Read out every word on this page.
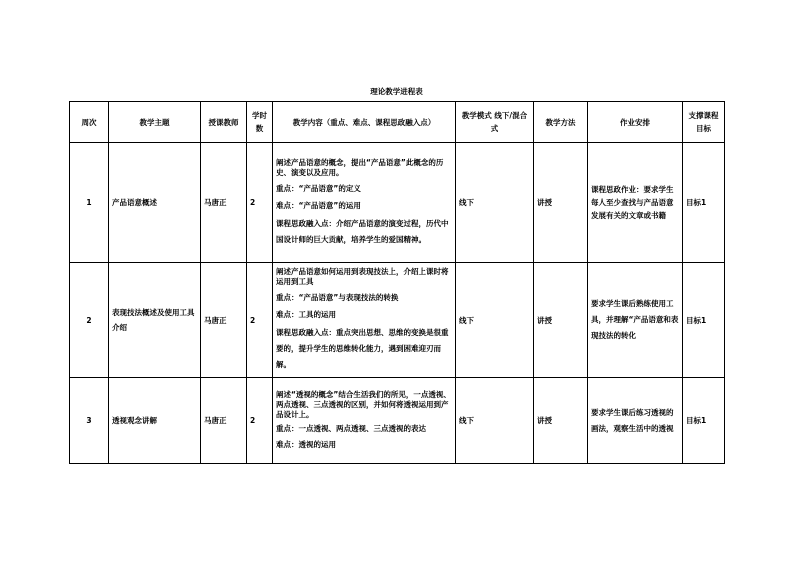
理论教学进程表
周次	教学主题	授课教师	学时数	教学内容（重点、难点、课程思政融入点）	教学模式 线下/混合式	教学方法	作业安排	支撑课程目标
1	产品语意概述	马唐正	2	阐述产品语意的概念，提出“产品语意”此概念的历史、演变以及应用。

重点：“产品语意”的定义

难点：“产品语意”的运用

课程思政融入点：介绍产品语意的演变过程，历代中国设计师的巨大贡献，培养学生的爱国精神。	线下	讲授	课程思政作业：要求学生每人至少查找与产品语意发展有关的文章或书籍	目标1
2	表现技法概述及使用工具介绍	马唐正	2	阐述产品语意如何运用到表现技法上，介绍上课时将运用到工具

重点：“产品语意”与表现技法的转换

难点：工具的运用

课程思政融入点：重点突出思想、思维的变换是很重要的，提升学生的思维转化能力，遇到困难迎刃而解。	线下	讲授	要求学生课后熟练使用工具，并理解“产品语意和表现技法的转化	目标1
3	透视观念讲解	马唐正	2	阐述“透视的概念”结合生活我们的所见，一点透视、两点透视、三点透视的区别，并如何将透视运用到产品设计上。

重点：一点透视、两点透视、三点透视的表达

难点：透视的运用	线下	讲授	要求学生课后练习透视的画法，观察生活中的透视	目标1
